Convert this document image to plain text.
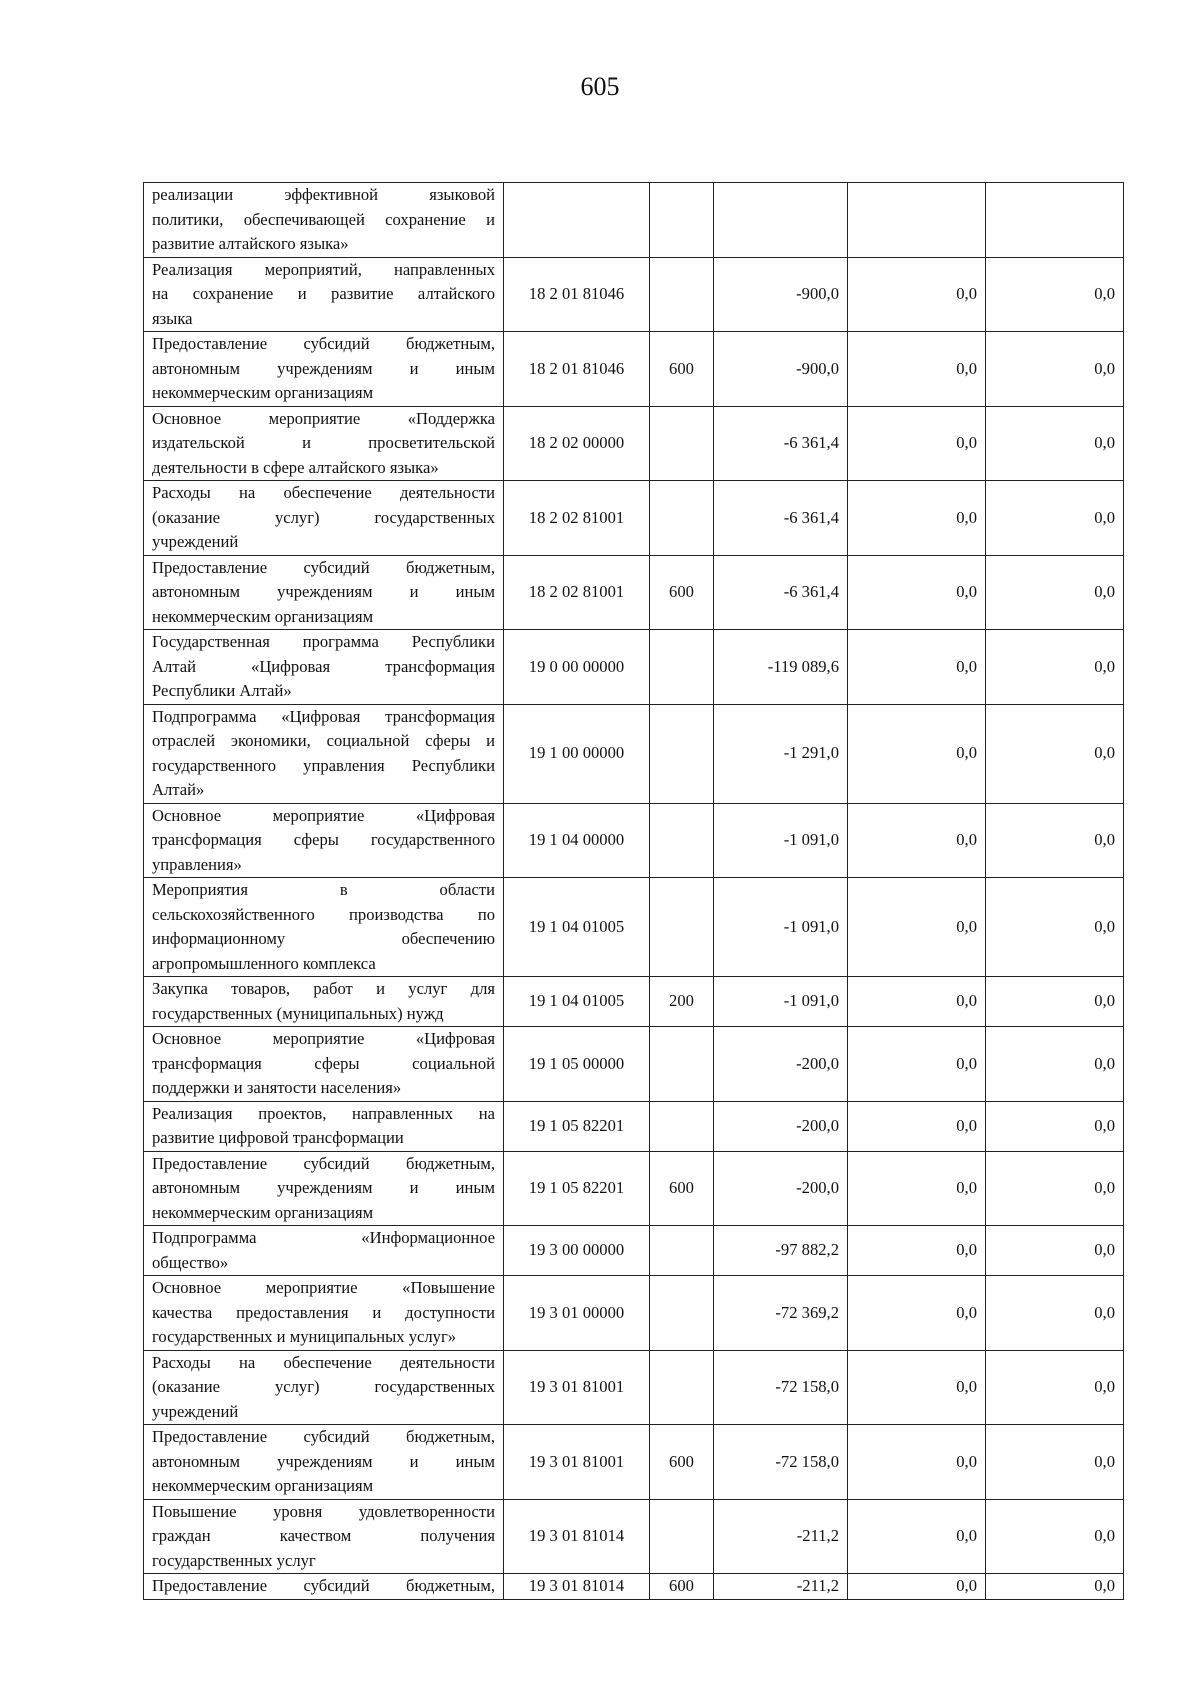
605
реализации эффективной языковой
политики, обеспечивающей сохранение и
развитие алтайского языка»					

Реализация мероприятий, направленных
на сохранение и развитие алтайского
языка	18 2 01 81046		-900,0	0,0	0,0

Предоставление субсидий бюджетным,
автономным учреждениям и иным
некоммерческим организациям	18 2 01 81046	600	-900,0	0,0	0,0

Основное мероприятие «Поддержка
издательской и просветительской
деятельности в сфере алтайского языка»	18 2 02 00000		-6 361,4	0,0	0,0

Расходы на обеспечение деятельности
(оказание услуг) государственных
учреждений	18 2 02 81001		-6 361,4	0,0	0,0

Предоставление субсидий бюджетным,
автономным учреждениям и иным
некоммерческим организациям	18 2 02 81001	600	-6 361,4	0,0	0,0

Государственная программа Республики
Алтай «Цифровая трансформация
Республики Алтай»	19 0 00 00000		-119 089,6	0,0	0,0

Подпрограмма «Цифровая трансформация
отраслей экономики, социальной сферы и
государственного управления Республики
Алтай»	19 1 00 00000		-1 291,0	0,0	0,0

Основное мероприятие «Цифровая
трансформация сферы государственного
управления»	19 1 04 00000		-1 091,0	0,0	0,0

Мероприятия в области
сельскохозяйственного производства по
информационному обеспечению
агропромышленного комплекса	19 1 04 01005		-1 091,0	0,0	0,0

Закупка товаров, работ и услуг для
государственных (муниципальных) нужд	19 1 04 01005	200	-1 091,0	0,0	0,0

Основное мероприятие «Цифровая
трансформация сферы социальной
поддержки и занятости населения»	19 1 05 00000		-200,0	0,0	0,0

Реализация проектов, направленных на
развитие цифровой трансформации	19 1 05 82201		-200,0	0,0	0,0

Предоставление субсидий бюджетным,
автономным учреждениям и иным
некоммерческим организациям	19 1 05 82201	600	-200,0	0,0	0,0

Подпрограмма «Информационное
общество»	19 3 00 00000		-97 882,2	0,0	0,0

Основное мероприятие «Повышение
качества предоставления и доступности
государственных и муниципальных услуг»	19 3 01 00000		-72 369,2	0,0	0,0

Расходы на обеспечение деятельности
(оказание услуг) государственных
учреждений	19 3 01 81001		-72 158,0	0,0	0,0

Предоставление субсидий бюджетным,
автономным учреждениям и иным
некоммерческим организациям	19 3 01 81001	600	-72 158,0	0,0	0,0

Повышение уровня удовлетворенности
граждан качеством получения
государственных услуг	19 3 01 81014		-211,2	0,0	0,0

Предоставление субсидий бюджетным,	19 3 01 81014	600	-211,2	0,0	0,0
